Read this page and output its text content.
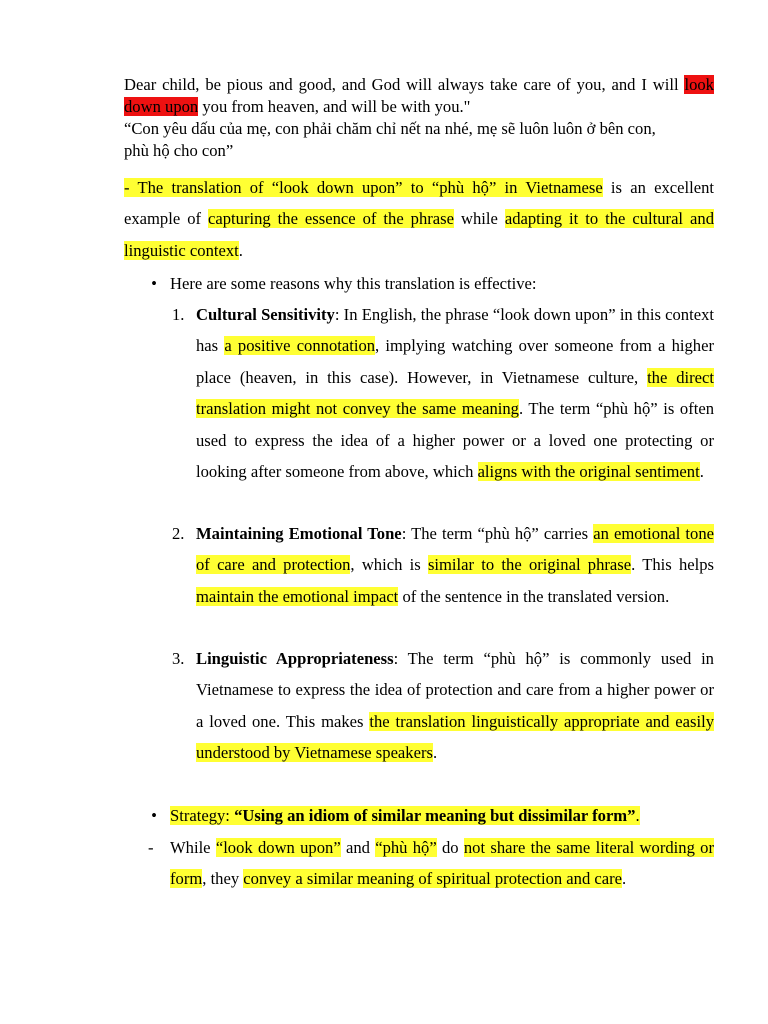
Dear child, be pious and good, and God will always take care of you, and I will look down upon you from heaven, and will be with you."
“Con yêu dấu của mẹ, con phải chăm chỉ nết na nhé, mẹ sẽ luôn luôn ở bên con,
phù hộ cho con”
- The translation of “look down upon” to “phù hộ” in Vietnamese is an excellent example of capturing the essence of the phrase while adapting it to the cultural and linguistic context.
• Here are some reasons why this translation is effective:
1. Cultural Sensitivity: In English, the phrase “look down upon” in this context has a positive connotation, implying watching over someone from a higher place (heaven, in this case). However, in Vietnamese culture, the direct translation might not convey the same meaning. The term “phù hộ” is often used to express the idea of a higher power or a loved one protecting or looking after someone from above, which aligns with the original sentiment.
2. Maintaining Emotional Tone: The term “phù hộ” carries an emotional tone of care and protection, which is similar to the original phrase. This helps maintain the emotional impact of the sentence in the translated version.
3. Linguistic Appropriateness: The term “phù hộ” is commonly used in Vietnamese to express the idea of protection and care from a higher power or a loved one. This makes the translation linguistically appropriate and easily understood by Vietnamese speakers.
• Strategy: “Using an idiom of similar meaning but dissimilar form”.
- While “look down upon” and “phù hộ” do not share the same literal wording or form, they convey a similar meaning of spiritual protection and care.
